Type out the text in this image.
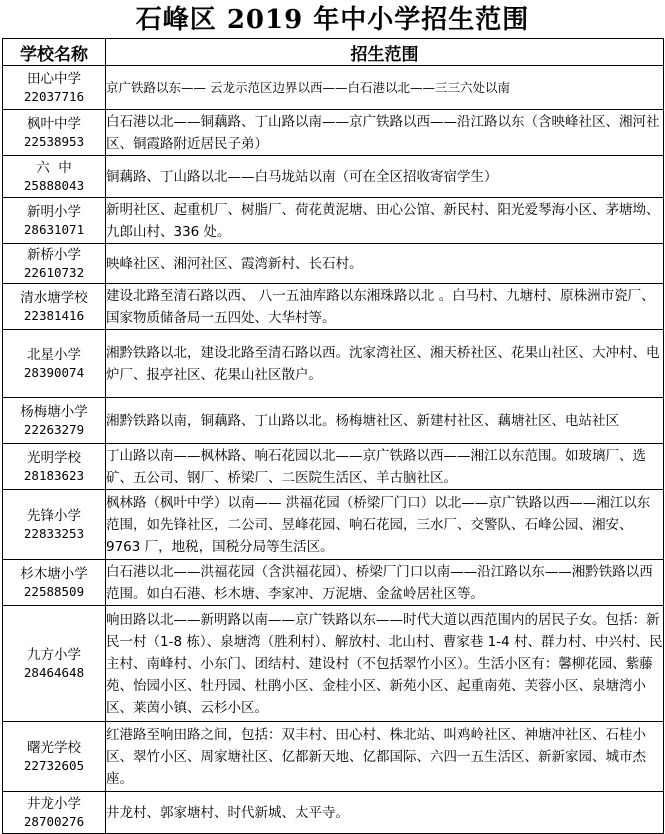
石峰区 2019 年中小学招生范围
学校名称	招生范围
田心中学
22037716	京广铁路以东—— 云龙示范区边界以西——白石港以北——三三六处以南
枫叶中学
22538953	白石港以北——铜藕路、丁山路以南——京广铁路以西——沿江路以东（含映峰社区、湘河社区、铜霞路附近居民子弟）
六  中
25888043	铜藕路、丁山路以北——白马垅站以南（可在全区招收寄宿学生）
新明小学
28631071	新明社区、起重机厂、树脂厂、荷花黄泥塘、田心公馆、新民村、阳光爱琴海小区、茅塘坳、九郎山村、336 处。
新桥小学
22610732	映峰社区、湘河社区、霞湾新村、长石村。
清水塘学校
22381416	建设北路至清石路以西、 八一五油库路以东湘珠路以北 。白马村、九塘村、原株洲市瓷厂、国家物质储备局一五四处、大华村等。
北星小学
28390074	湘黔铁路以北，建设北路至清石路以西。沈家湾社区、湘天桥社区、花果山社区、大冲村、电炉厂、报亭社区、花果山社区散户。
杨梅塘小学
22263279	湘黔铁路以南，铜藕路、丁山路以北。杨梅塘社区、新建村社区、藕塘社区、电站社区
光明学校
28183623	丁山路以南——枫林路、响石花园以北——京广铁路以西——湘江以东范围。如玻璃厂、选矿、五公司、钢厂、桥梁厂、二医院生活区、羊古脑社区。
先锋小学
22833253	枫林路（枫叶中学）以南—— 洪福花园（桥梁厂门口）以北——京广铁路以西——湘江以东范围，如先锋社区，二公司、昱峰花园、响石花园，三水厂、交警队、石峰公园、湘安、9763 厂，地税，国税分局等生活区。
杉木塘小学
22588509	白石港以北——洪福花园（含洪福花园）、桥梁厂门口以南——沿江路以东——湘黔铁路以西范围。如白石港、杉木塘、李家冲、万泥塘、金盆岭居社区等。
九方小学
28464648	响田路以北——新明路以南——京广铁路以东——时代大道以西范围内的居民子女。包括：新民一村（1-8 栋）、泉塘湾（胜利村）、解放村、北山村、曹家巷 1-4 村、群力村、中兴村、民主村、南峰村、小东门、团结村、建设村（不包括翠竹小区）。生活小区有：馨柳花园、紫藤苑、怡园小区、牡丹园、杜鹃小区、金桂小区、新苑小区、起重南苑、芙蓉小区、泉塘湾小区、莱茵小镇、云杉小区。
曙光学校
22732605	红港路至响田路之间，包括：双丰村、田心村、株北站、叫鸡岭社区、神塘冲社区、石桂小区、翠竹小区、周家塘社区、亿都新天地、亿都国际、六四一五生活区、新新家园、城市杰座。
井龙小学
28700276	井龙村、郭家塘村、时代新城、太平寺。
